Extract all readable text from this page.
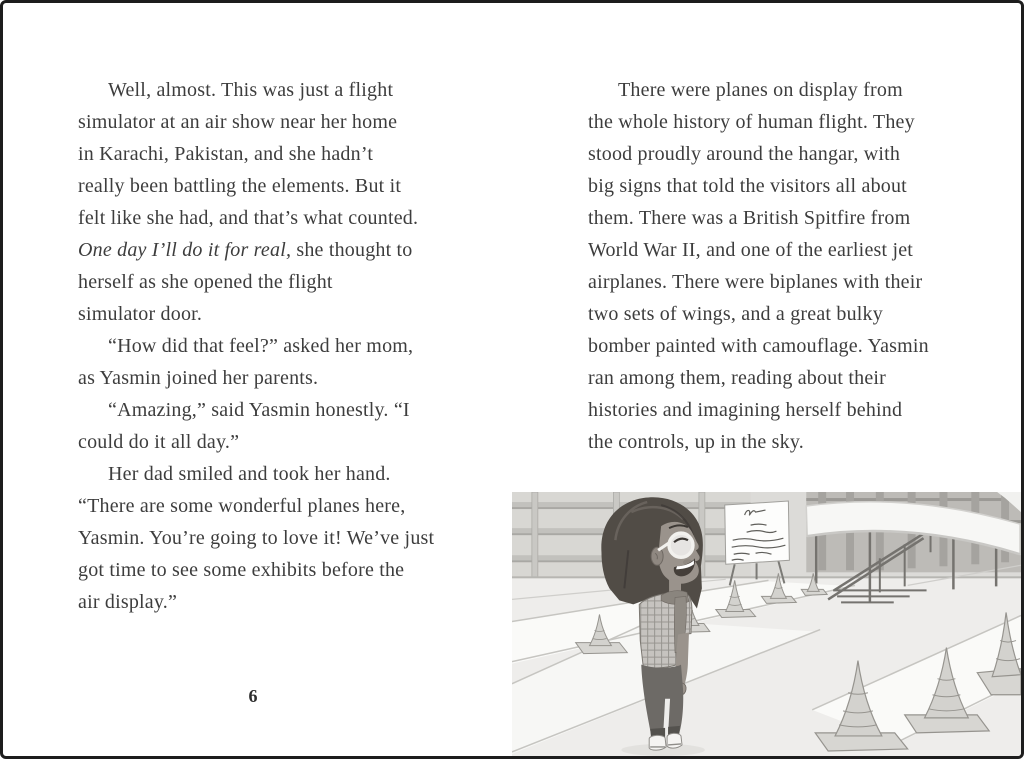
Well, almost. This was just a flight
simulator at an air show near her home
in Karachi, Pakistan, and she hadn’t
really been battling the elements. But it
felt like she had, and that’s what counted.
One day I’ll do it for real, she thought to
herself as she opened the flight
simulator door.
“How did that feel?” asked her mom,
as Yasmin joined her parents.
“Amazing,” said Yasmin honestly. “I
could do it all day.”
Her dad smiled and took her hand.
“There are some wonderful planes here,
Yasmin. You’re going to love it! We’ve just
got time to see some exhibits before the
air display.”
There were planes on display from
the whole history of human flight. They
stood proudly around the hangar, with
big signs that told the visitors all about
them. There was a British Spitfire from
World War II, and one of the earliest jet
airplanes. There were biplanes with their
two sets of wings, and a great bulky
bomber painted with camouflage. Yasmin
ran among them, reading about their
histories and imagining herself behind
the controls, up in the sky.
6
